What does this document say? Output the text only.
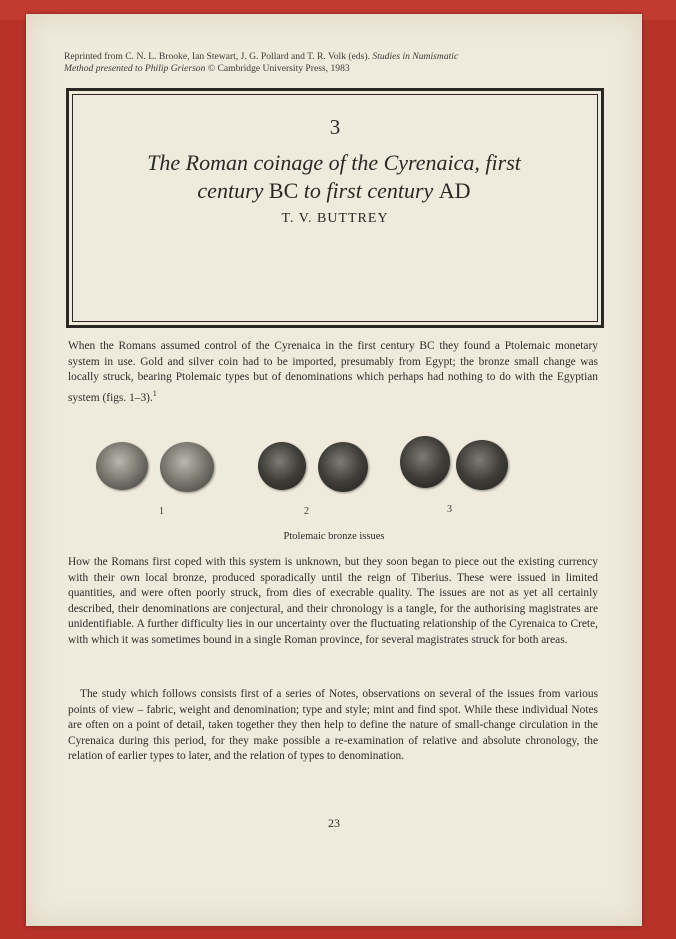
Reprinted from C. N. L. Brooke, Ian Stewart, J. G. Pollard and T. R. Volk (eds). Studies in Numismatic
Method presented to Philip Grierson © Cambridge University Press, 1983
3
The Roman coinage of the Cyrenaica, first
century BC to first century AD
T. V. BUTTREY
When the Romans assumed control of the Cyrenaica in the first century BC they found a Ptolemaic monetary system in use. Gold and silver coin had to be imported, presumably from Egypt; the bronze small change was locally struck, bearing Ptolemaic types but of denominations which perhaps had nothing to do with the Egyptian system (figs. 1–3).$^1$
1	2	3
Ptolemaic bronze issues
How the Romans first coped with this system is unknown, but they soon began to piece out the existing currency with their own local bronze, produced sporadically until the reign of Tiberius. These were issued in limited quantities, and were often poorly struck, from dies of execrable quality. The issues are not as yet all certainly described, their denominations are conjectural, and their chronology is a tangle, for the authorising magistrates are unidentifiable. A further difficulty lies in our uncertainty over the fluctuating relationship of the Cyrenaica to Crete, with which it was sometimes bound in a single Roman province, for several magistrates struck for both areas.
The study which follows consists first of a series of Notes, observations on several of the issues from various points of view – fabric, weight and denomination; type and style; mint and find spot. While these individual Notes are often on a point of detail, taken together they then help to define the nature of small-change circulation in the Cyrenaica during this period, for they make possible a re-examination of relative and absolute chronology, the relation of earlier types to later, and the relation of types to denomination.
23
